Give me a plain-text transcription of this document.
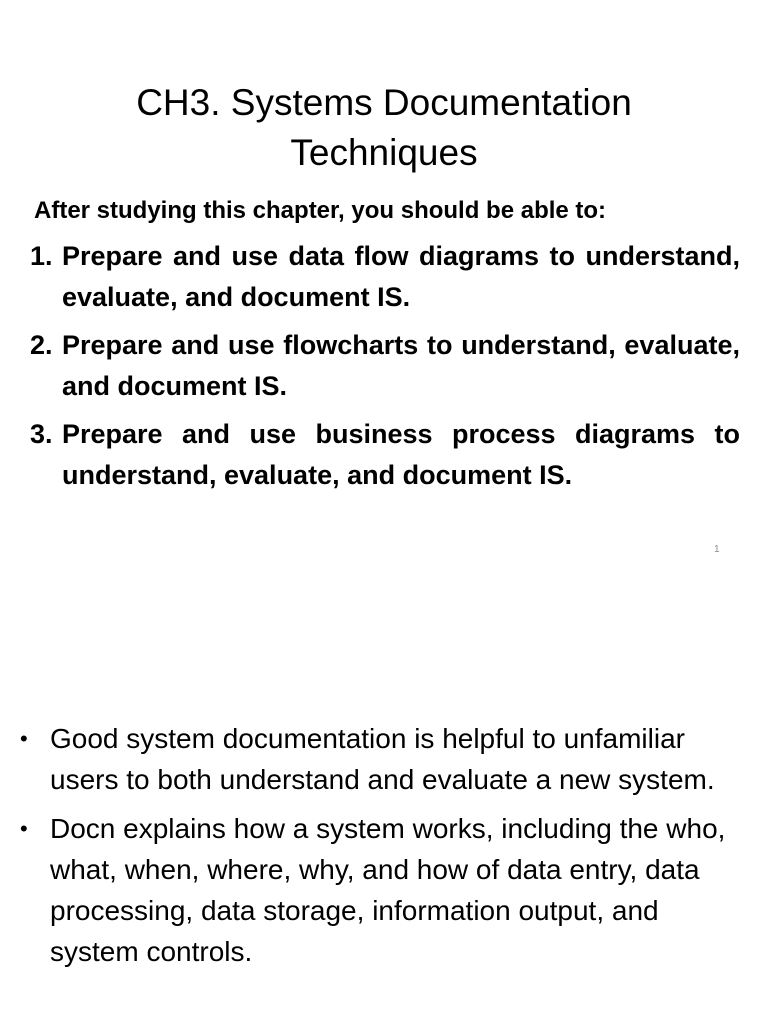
CH3. Systems Documentation Techniques

After studying this chapter, you should be able to:

1. Prepare and use data flow diagrams to understand, evaluate, and document IS.
2. Prepare and use flowcharts to understand, evaluate, and document IS.
3. Prepare and use business process diagrams to understand, evaluate, and document IS.
1
• Good system documentation is helpful to unfamiliar users to both understand and evaluate a new system.
• Docn explains how a system works, including the who, what, when, where, why, and how of data entry, data processing, data storage, information output, and system controls.
